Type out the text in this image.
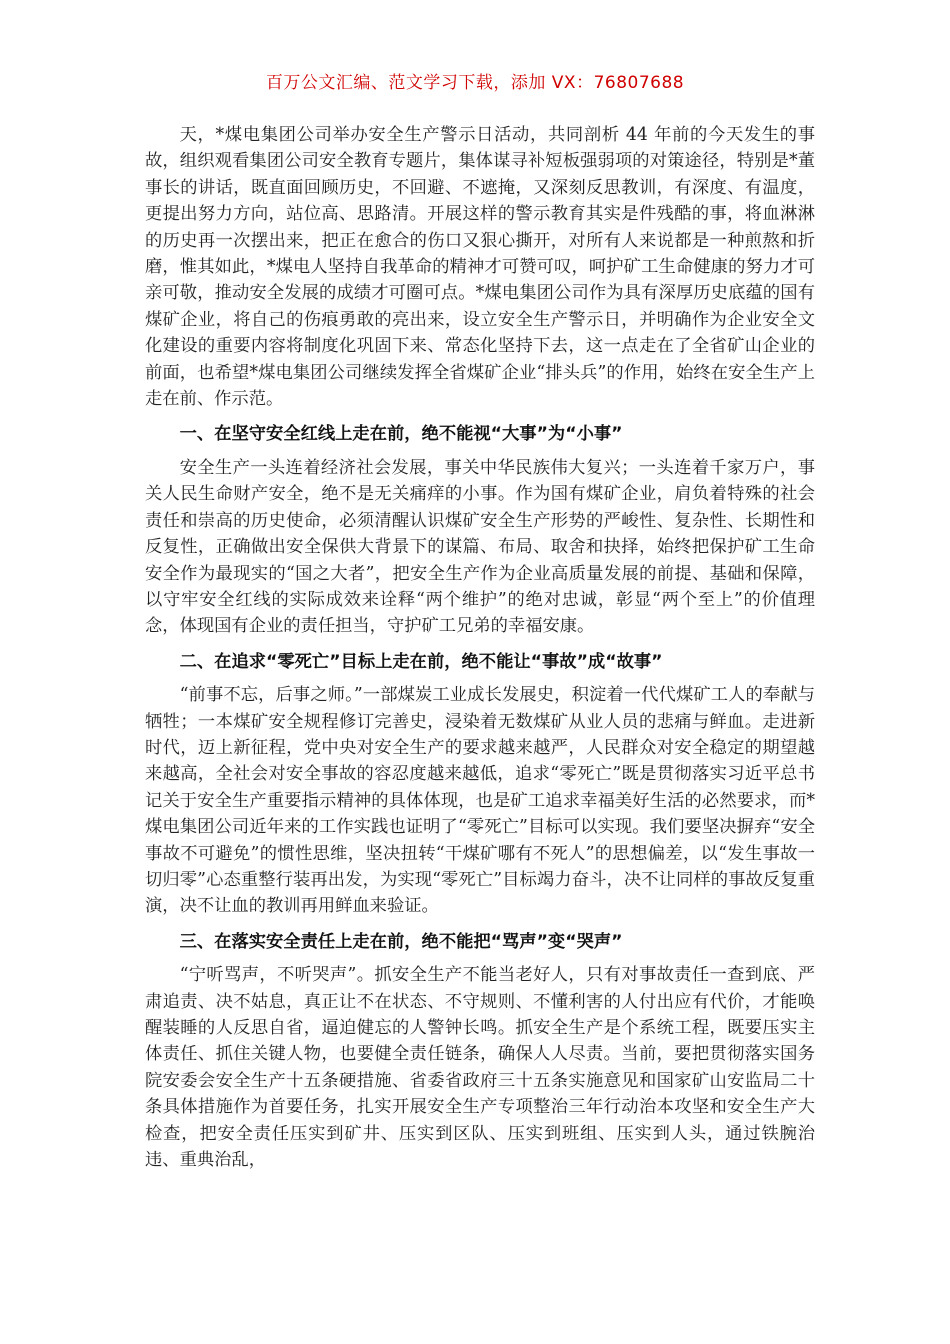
百万公文汇编、范文学习下载，添加 VX：76807688

天，*煤电集团公司举办安全生产警示日活动，共同剖析 44 年前的今天发生的事故，组织观看集团公司安全教育专题片，集体谋寻补短板强弱项的对策途径，特别是*董事长的讲话，既直面回顾历史，不回避、不遮掩，又深刻反思教训，有深度、有温度，更提出努力方向，站位高、思路清。开展这样的警示教育其实是件残酷的事，将血淋淋的历史再一次摆出来，把正在愈合的伤口又狠心撕开，对所有人来说都是一种煎熬和折磨，惟其如此，*煤电人坚持自我革命的精神才可赞可叹，呵护矿工生命健康的努力才可亲可敬，推动安全发展的成绩才可圈可点。*煤电集团公司作为具有深厚历史底蕴的国有煤矿企业，将自己的伤痕勇敢的亮出来，设立安全生产警示日，并明确作为企业安全文化建设的重要内容将制度化巩固下来、常态化坚持下去，这一点走在了全省矿山企业的前面，也希望*煤电集团公司继续发挥全省煤矿企业“排头兵”的作用，始终在安全生产上走在前、作示范。

一、在坚守安全红线上走在前，绝不能视“大事”为“小事”

安全生产一头连着经济社会发展，事关中华民族伟大复兴；一头连着千家万户，事关人民生命财产安全，绝不是无关痛痒的小事。作为国有煤矿企业，肩负着特殊的社会责任和崇高的历史使命，必须清醒认识煤矿安全生产形势的严峻性、复杂性、长期性和反复性，正确做出安全保供大背景下的谋篇、布局、取舍和抉择，始终把保护矿工生命安全作为最现实的“国之大者”，把安全生产作为企业高质量发展的前提、基础和保障，以守牢安全红线的实际成效来诠释“两个维护”的绝对忠诚，彰显“两个至上”的价值理念，体现国有企业的责任担当，守护矿工兄弟的幸福安康。

二、在追求“零死亡”目标上走在前，绝不能让“事故”成“故事”

“前事不忘，后事之师。”一部煤炭工业成长发展史，积淀着一代代煤矿工人的奉献与牺牲；一本煤矿安全规程修订完善史，浸染着无数煤矿从业人员的悲痛与鲜血。走进新时代，迈上新征程，党中央对安全生产的要求越来越严，人民群众对安全稳定的期望越来越高，全社会对安全事故的容忍度越来越低，追求“零死亡”既是贯彻落实习近平总书记关于安全生产重要指示精神的具体体现，也是矿工追求幸福美好生活的必然要求，而*煤电集团公司近年来的工作实践也证明了“零死亡”目标可以实现。我们要坚决摒弃“安全事故不可避免”的惯性思维，坚决扭转“干煤矿哪有不死人”的思想偏差，以“发生事故一切归零”心态重整行装再出发，为实现“零死亡”目标竭力奋斗，决不让同样的事故反复重演，决不让血的教训再用鲜血来验证。

三、在落实安全责任上走在前，绝不能把“骂声”变“哭声”

“宁听骂声，不听哭声”。抓安全生产不能当老好人，只有对事故责任一查到底、严肃追责、决不姑息，真正让不在状态、不守规则、不懂利害的人付出应有代价，才能唤醒装睡的人反思自省，逼迫健忘的人警钟长鸣。抓安全生产是个系统工程，既要压实主体责任、抓住关键人物，也要健全责任链条，确保人人尽责。当前，要把贯彻落实国务院安委会安全生产十五条硬措施、省委省政府三十五条实施意见和国家矿山安监局二十条具体措施作为首要任务，扎实开展安全生产专项整治三年行动治本攻坚和安全生产大检查，把安全责任压实到矿井、压实到区队、压实到班组、压实到人头，通过铁腕治违、重典治乱，
